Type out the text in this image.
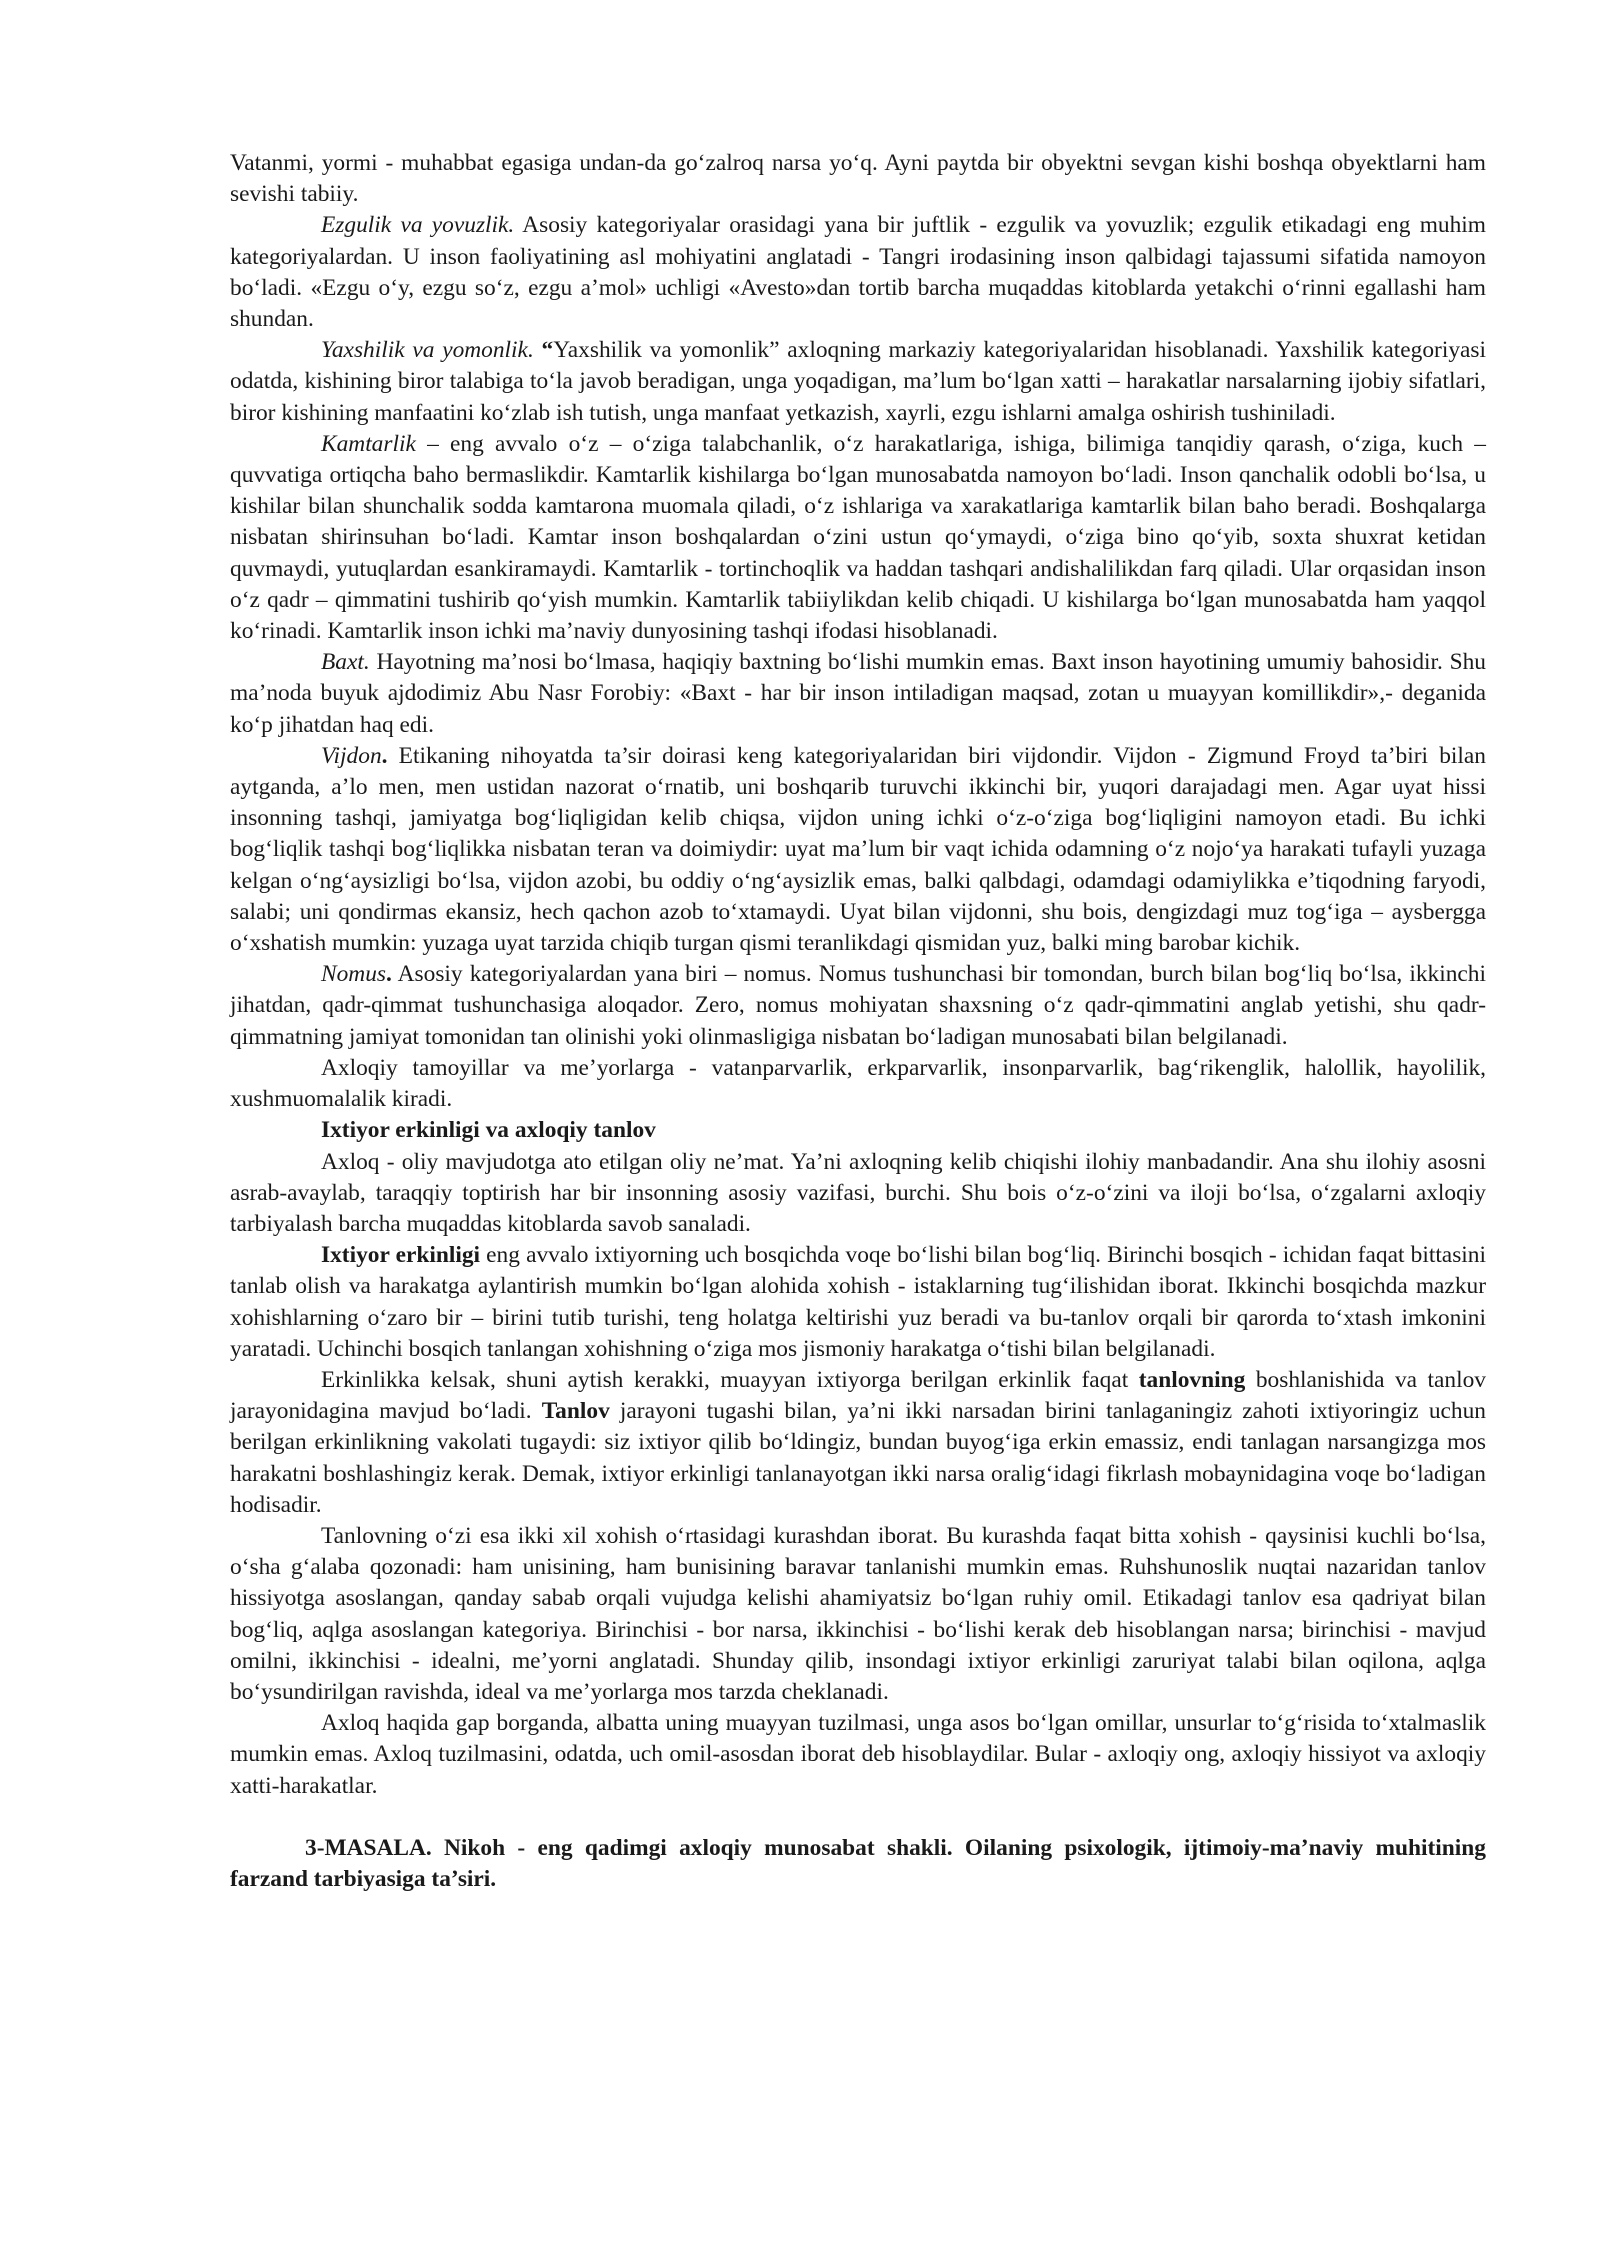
Vatanmi, yormi - muhabbat egasiga undan-da go‘zalroq narsa yo‘q. Ayni paytda bir obyektni sevgan kishi boshqa obyektlarni ham sevishi tabiiy.

Ezgulik va yovuzlik. Asosiy kategoriyalar orasidagi yana bir juftlik - ezgulik va yovuzlik; ezgulik etikadagi eng muhim kategoriyalardan. U inson faoliyatining asl mohiyatini anglatadi - Tangri irodasining inson qalbidagi tajassumi sifatida namoyon bo‘ladi. «Ezgu o‘y, ezgu so‘z, ezgu a’mol» uchligi «Avesto»dan tortib barcha muqaddas kitoblarda yetakchi o‘rinni egallashi ham shundan.

Yaxshilik va yomonlik. “Yaxshilik va yomonlik” axloqning markaziy kategoriyalaridan hisoblanadi. Yaxshilik kategoriyasi odatda, kishining biror talabiga to‘la javob beradigan, unga yoqadigan, ma’lum bo‘lgan xatti – harakatlar narsalarning ijobiy sifatlari, biror kishining manfaatini ko‘zlab ish tutish, unga manfaat yetkazish, xayrli, ezgu ishlarni amalga oshirish tushiniladi.

Kamtarlik – eng avvalo o‘z – o‘ziga talabchanlik, o‘z harakatlariga, ishiga, bilimiga tanqidiy qarash, o‘ziga, kuch – quvvatiga ortiqcha baho bermaslikdir. Kamtarlik kishilarga bo‘lgan munosabatda namoyon bo‘ladi. Inson qanchalik odobli bo‘lsa, u kishilar bilan shunchalik sodda kamtarona muomala qiladi, o‘z ishlariga va xarakatlariga kamtarlik bilan baho beradi. Boshqalarga nisbatan shirinsuhan bo‘ladi. Kamtar inson boshqalardan o‘zini ustun qo‘ymaydi, o‘ziga bino qo‘yib, soxta shuxrat ketidan quvmaydi, yutuqlardan esankiramaydi. Kamtarlik - tortinchoqlik va haddan tashqari andishalilikdan farq qiladi. Ular orqasidan inson o‘z qadr – qimmatini tushirib qo‘yish mumkin. Kamtarlik tabiiylikdan kelib chiqadi. U kishilarga bo‘lgan munosabatda ham yaqqol ko‘rinadi. Kamtarlik inson ichki ma’naviy dunyosining tashqi ifodasi hisoblanadi.

Baxt. Hayotning ma’nosi bo‘lmasa, haqiqiy baxtning bo‘lishi mumkin emas. Baxt inson hayotining umumiy bahosidir. Shu ma’noda buyuk ajdodimiz Abu Nasr Forobiy: «Baxt - har bir inson intiladigan maqsad, zotan u muayyan komillikdir»,- deganida ko‘p jihatdan haq edi.

Vijdon. Etikaning nihoyatda ta’sir doirasi keng kategoriyalaridan biri vijdondir. Vijdon - Zigmund Froyd ta’biri bilan aytganda, a’lo men, men ustidan nazorat o‘rnatib, uni boshqarib turuvchi ikkinchi bir, yuqori darajadagi men. Agar uyat hissi insonning tashqi, jamiyatga bog‘liqligidan kelib chiqsa, vijdon uning ichki o‘z-o‘ziga bog‘liqligini namoyon etadi. Bu ichki bog‘liqlik tashqi bog‘liqlikka nisbatan teran va doimiydir: uyat ma’lum bir vaqt ichida odamning o‘z nojo‘ya harakati tufayli yuzaga kelgan o‘ng‘aysizligi bo‘lsa, vijdon azobi, bu oddiy o‘ng‘aysizlik emas, balki qalbdagi, odamdagi odamiylikka e’tiqodning faryodi, salabi; uni qondirmas ekansiz, hech qachon azob to‘xtamaydi. Uyat bilan vijdonni, shu bois, dengizdagi muz tog‘iga – aysbergga o‘xshatish mumkin: yuzaga uyat tarzida chiqib turgan qismi teranlikdagi qismidan yuz, balki ming barobar kichik.

Nomus. Asosiy kategoriyalardan yana biri – nomus. Nomus tushunchasi bir tomondan, burch bilan bog‘liq bo‘lsa, ikkinchi jihatdan, qadr-qimmat tushunchasiga aloqador. Zero, nomus mohiyatan shaxsning o‘z qadr-qimmatini anglab yetishi, shu qadr-qimmatning jamiyat tomonidan tan olinishi yoki olinmasligiga nisbatan bo‘ladigan munosabati bilan belgilanadi.

Axloqiy tamoyillar va me’yorlarga - vatanparvarlik, erkparvarlik, insonparvarlik, bag‘rikenglik, halollik, hayolilik, xushmuomalalik kiradi.

Ixtiyor erkinligi va axloqiy tanlov

Axloq - oliy mavjudotga ato etilgan oliy ne’mat. Ya’ni axloqning kelib chiqishi ilohiy manbadandir. Ana shu ilohiy asosni asrab-avaylab, taraqqiy toptirish har bir insonning asosiy vazifasi, burchi. Shu bois o‘z-o‘zini va iloji bo‘lsa, o‘zgalarni axloqiy tarbiyalash barcha muqaddas kitoblarda savob sanaladi.

Ixtiyor erkinligi eng avvalo ixtiyorning uch bosqichda voqe bo‘lishi bilan bog‘liq. Birinchi bosqich - ichidan faqat bittasini tanlab olish va harakatga aylantirish mumkin bo‘lgan alohida xohish - istaklarning tug‘ilishidan iborat. Ikkinchi bosqichda mazkur xohishlarning o‘zaro bir – birini tutib turishi, teng holatga keltirishi yuz beradi va bu-tanlov orqali bir qarorda to‘xtash imkonini yaratadi. Uchinchi bosqich tanlangan xohishning o‘ziga mos jismoniy harakatga o‘tishi bilan belgilanadi.

Erkinlikka kelsak, shuni aytish kerakki, muayyan ixtiyorga berilgan erkinlik faqat tanlovning boshlanishida va tanlov jarayonidagina mavjud bo‘ladi. Tanlov jarayoni tugashi bilan, ya’ni ikki narsadan birini tanlaganingiz zahoti ixtiyoringiz uchun berilgan erkinlikning vakolati tugaydi: siz ixtiyor qilib bo‘ldingiz, bundan buyog‘iga erkin emassiz, endi tanlagan narsangizga mos harakatni boshlashingiz kerak. Demak, ixtiyor erkinligi tanlanayotgan ikki narsa oralig‘idagi fikrlash mobaynidagina voqe bo‘ladigan hodisadir.

Tanlovning o‘zi esa ikki xil xohish o‘rtasidagi kurashdan iborat. Bu kurashda faqat bitta xohish - qaysinisi kuchli bo‘lsa, o‘sha g‘alaba qozonadi: ham unisining, ham bunisining baravar tanlanishi mumkin emas. Ruhshunoslik nuqtai nazaridan tanlov hissiyotga asoslangan, qanday sabab orqali vujudga kelishi ahamiyatsiz bo‘lgan ruhiy omil. Etikadagi tanlov esa qadriyat bilan bog‘liq, aqlga asoslangan kategoriya. Birinchisi - bor narsa, ikkinchisi - bo‘lishi kerak deb hisoblangan narsa; birinchisi - mavjud omilni, ikkinchisi - idealni, me’yorni anglatadi. Shunday qilib, insondagi ixtiyor erkinligi zaruriyat talabi bilan oqilona, aqlga bo‘ysundirilgan ravishda, ideal va me’yorlarga mos tarzda cheklanadi.

Axloq haqida gap borganda, albatta uning muayyan tuzilmasi, unga asos bo‘lgan omillar, unsurlar to‘g‘risida to‘xtalmaslik mumkin emas. Axloq tuzilmasini, odatda, uch omil-asosdan iborat deb hisoblaydilar. Bular - axloqiy ong, axloqiy hissiyot va axloqiy xatti-harakatlar.

3-MASALA. Nikoh - eng qadimgi axloqiy munosabat shakli. Oilaning psixologik, ijtimoiy-ma’naviy muhitining farzand tarbiyasiga ta’siri.
